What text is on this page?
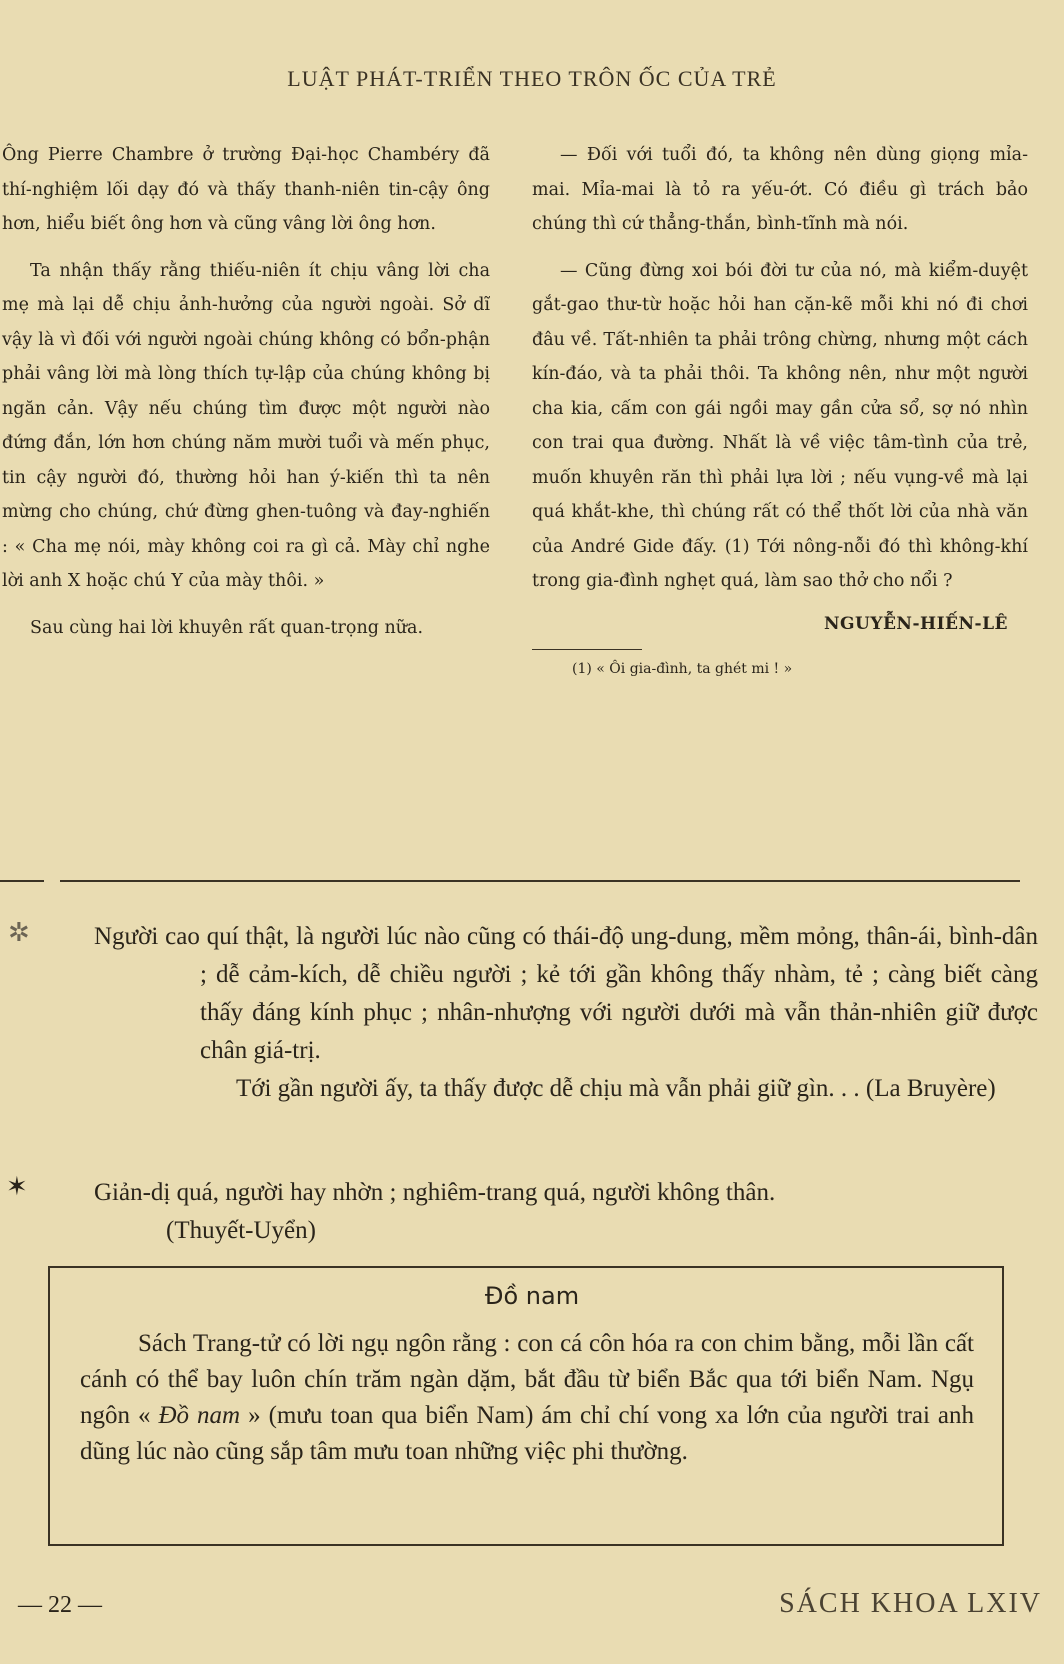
LUẬT PHÁT-TRIỂN THEO TRÔN ỐC CỦA TRẺ

Ông Pierre Chambre ở trường Đại-học Chambéry đã thí-nghiệm lối dạy đó và thấy thanh-niên tin-cậy ông hơn, hiểu biết ông hơn và cũng vâng lời ông hơn.

Ta nhận thấy rằng thiếu-niên ít chịu vâng lời cha mẹ mà lại dễ chịu ảnh-hưởng của người ngoài. Sở dĩ vậy là vì đối với người ngoài chúng không có bổn-phận phải vâng lời mà lòng thích tự-lập của chúng không bị ngăn cản. Vậy nếu chúng tìm được một người nào đứng đắn, lớn hơn chúng năm mười tuổi và mến phục, tin cậy người đó, thường hỏi han ý-kiến thì ta nên mừng cho chúng, chứ đừng ghen-tuông và đay-nghiến : « Cha mẹ nói, mày không coi ra gì cả. Mày chỉ nghe lời anh X hoặc chú Y của mày thôi. »

Sau cùng hai lời khuyên rất quan-trọng nữa.

— Đối với tuổi đó, ta không nên dùng giọng mỉa-mai. Mỉa-mai là tỏ ra yếu-ớt. Có điều gì trách bảo chúng thì cứ thẳng-thắn, bình-tĩnh mà nói.

— Cũng đừng xoi bói đời tư của nó, mà kiểm-duyệt gắt-gao thư-từ hoặc hỏi han cặn-kẽ mỗi khi nó đi chơi đâu về. Tất-nhiên ta phải trông chừng, nhưng một cách kín-đáo, và ta phải thôi. Ta không nên, như một người cha kia, cấm con gái ngồi may gần cửa sổ, sợ nó nhìn con trai qua đường. Nhất là về việc tâm-tình của trẻ, muốn khuyên răn thì phải lựa lời ; nếu vụng-về mà lại quá khắt-khe, thì chúng rất có thể thốt lời của nhà văn của André Gide đấy. (1) Tới nông-nỗi đó thì không-khí trong gia-đình nghẹt quá, làm sao thở cho nổi ?

NGUYỄN-HIẾN-LÊ
(1) « Ôi gia-đình, ta ghét mi ! »
✲	Người cao quí thật, là người lúc nào cũng có thái-độ ung-dung, mềm mỏng, thân-ái, bình-dân ; dễ cảm-kích, dễ chiều người ; kẻ tới gần không thấy nhàm, tẻ ; càng biết càng thấy đáng kính phục ; nhân-nhượng với người dưới mà vẫn thản-nhiên giữ được chân giá-trị.
Tới gần người ấy, ta thấy được dễ chịu mà vẫn phải giữ gìn. . . (La Bruyère)
✶	Giản-dị quá, người hay nhờn ; nghiêm-trang quá, người không thân.
(Thuyết-Uyển)
Đồ nam
Sách Trang-tử có lời ngụ ngôn rằng : con cá côn hóa ra con chim bằng, mỗi lần cất cánh có thể bay luôn chín trăm ngàn dặm, bắt đầu từ biển Bắc qua tới biển Nam. Ngụ ngôn « Đồ nam » (mưu toan qua biển Nam) ám chỉ chí vong xa lớn của người trai anh dũng lúc nào cũng sắp tâm mưu toan những việc phi thường.
— 22 —	SÁCH KHOA LXIV
